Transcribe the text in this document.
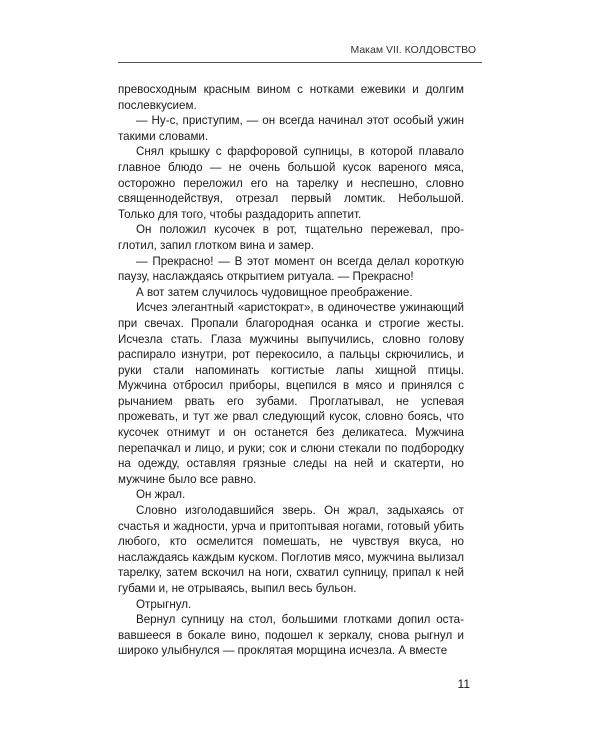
Макам VII. КОЛДОВСТВО

превосходным красным вином с нотками ежевики и долгим послевкусием.

— Ну-с, приступим, — он всегда начинал этот особый ужин такими словами.

Снял крышку с фарфоровой супницы, в которой плавало главное блюдо — не очень большой кусок вареного мяса, осторожно переложил его на тарелку и неспешно, словно священнодействуя, отрезал первый ломтик. Небольшой. Только для того, чтобы раздадорить аппетит.

Он положил кусочек в рот, тщательно пережевал, проглотил, запил глотком вина и замер.

— Прекрасно! — В этот момент он всегда делал короткую паузу, наслаждаясь открытием ритуала. — Прекрасно!

А вот затем случилось чудовищное преображение.

Исчез элегантный «аристократ», в одиночестве ужинающий при свечах. Пропали благородная осанка и строгие жесты. Исчезла стать. Глаза мужчины выпучились, словно голову распирало изнутри, рот перекосило, а пальцы скрючились, и руки стали напоминать когтистые лапы хищной птицы. Мужчина отбросил приборы, вцепился в мясо и принялся с рычанием рвать его зубами. Проглатывал, не успевая прожевать, и тут же рвал следующий кусок, словно боясь, что кусочек отнимут и он останется без деликатеса. Мужчина перепачкал и лицо, и руки; сок и слюни стекали по подбородку на одежду, оставляя грязные следы на ней и скатерти, но мужчине было все равно.

Он жрал.

Словно изголодавшийся зверь. Он жрал, задыхаясь от счастья и жадности, урча и притоптывая ногами, готовый убить любого, кто осмелится помешать, не чувствуя вкуса, но наслаждаясь каждым куском. Поглотив мясо, мужчина вылизал тарелку, затем вскочил на ноги, схватил супницу, припал к ней губами и, не отрываясь, выпил весь бульон.

Отрыгнул.

Вернул супницу на стол, большими глотками допил остававшееся в бокале вино, подошел к зеркалу, снова рыгнул и широко улыбнулся — проклятая морщина исчезла. А вместе

11
